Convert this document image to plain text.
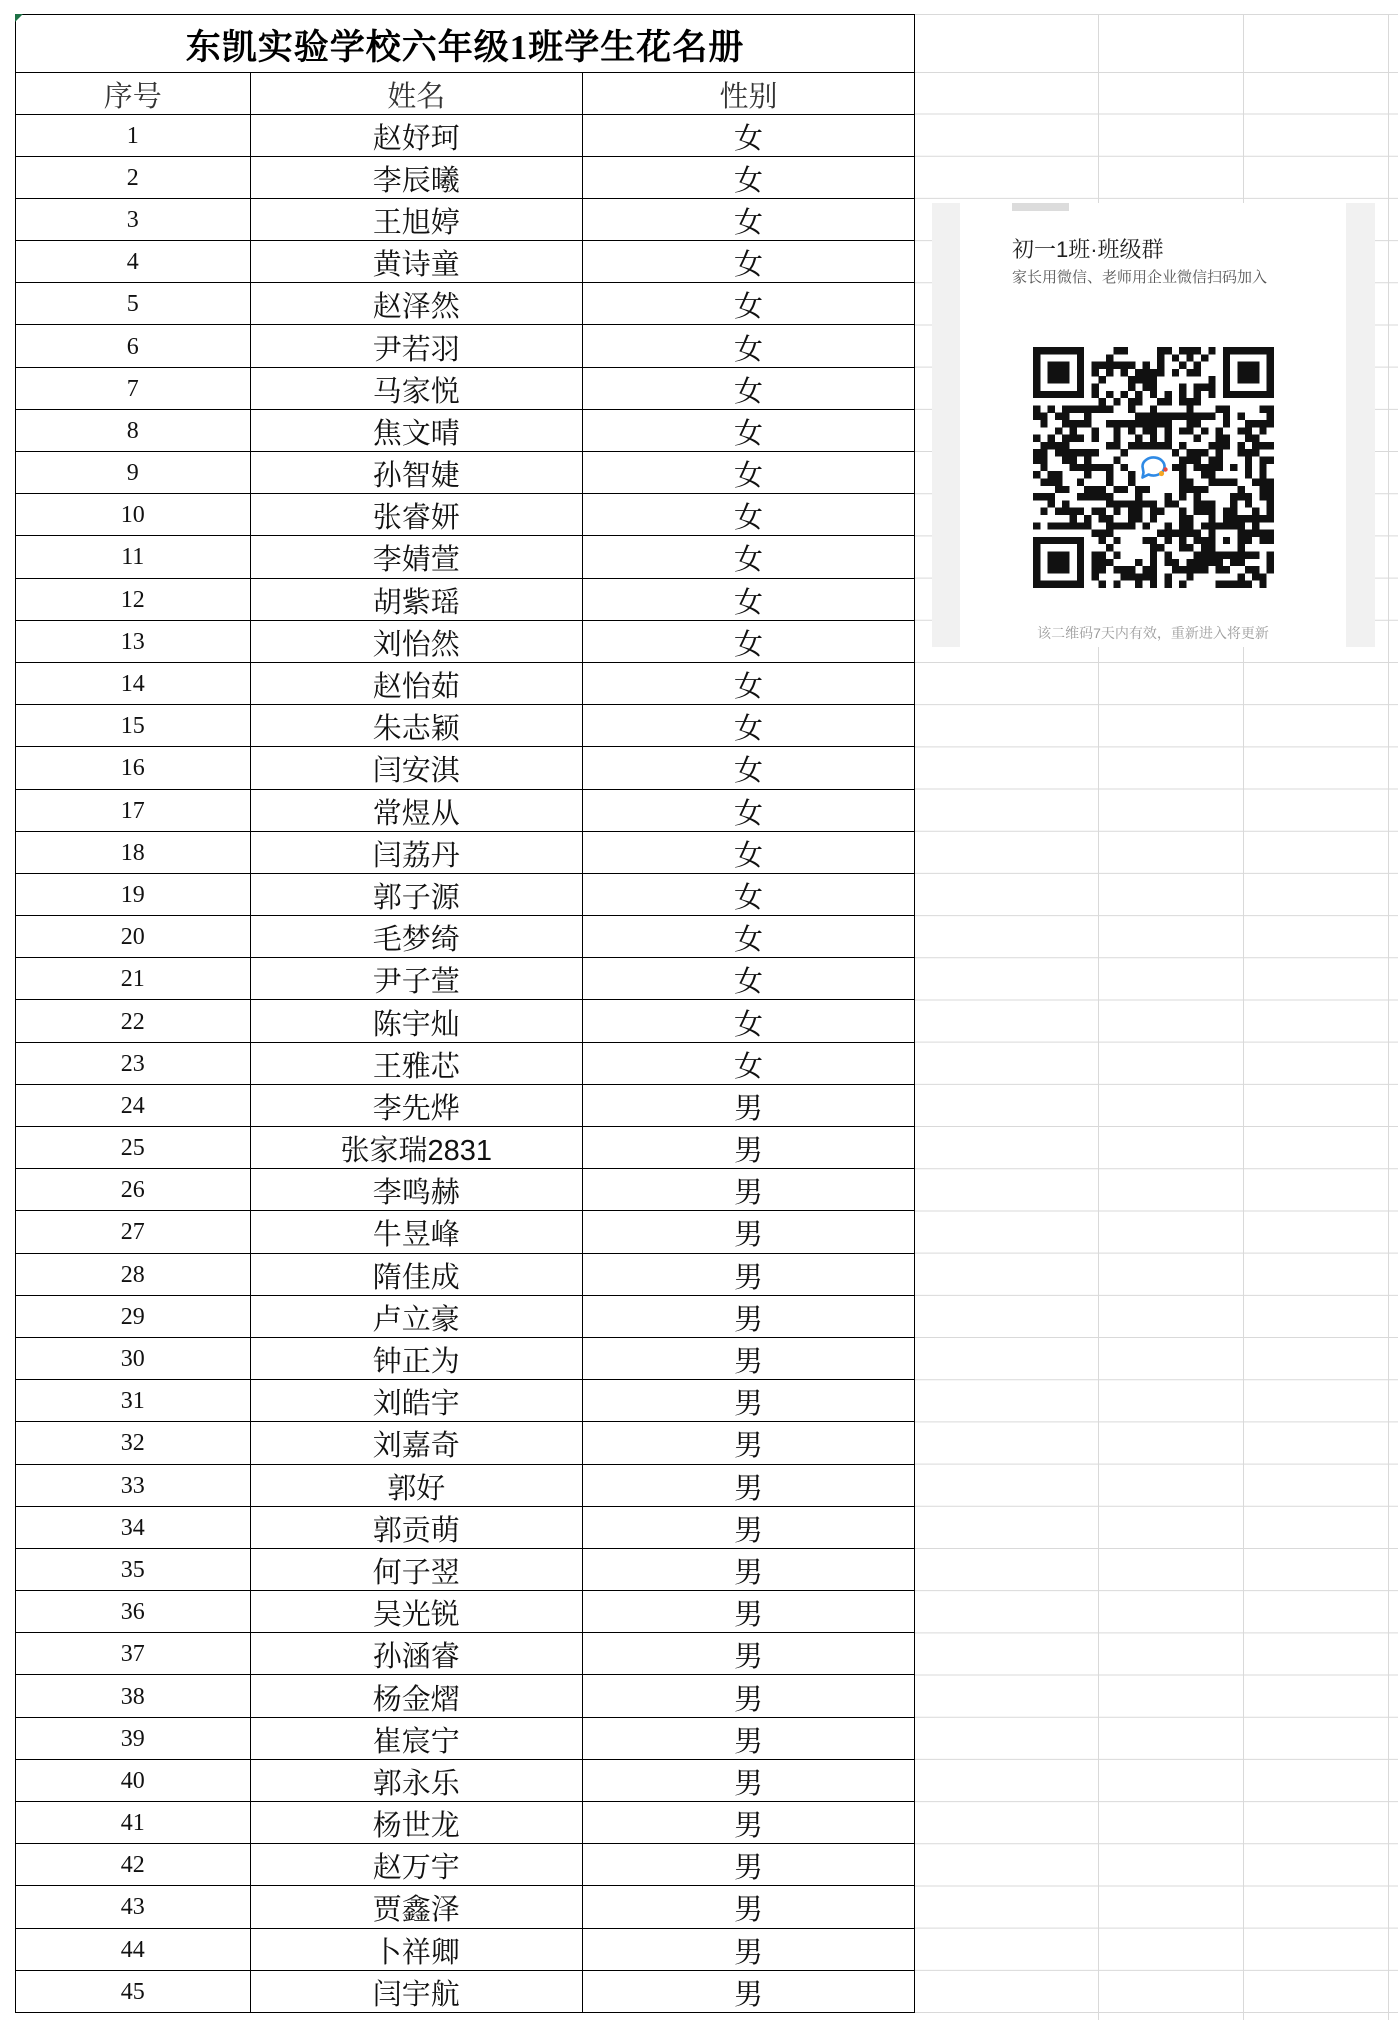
东凯实验学校六年级1班学生花名册
序号	姓名	性别
1	赵妤珂	女
2	李辰曦	女
3	王旭婷	女
4	黄诗童	女
5	赵泽然	女
6	尹若羽	女
7	马家悦	女
8	焦文晴	女
9	孙智婕	女
10	张睿妍	女
11	李婧萱	女
12	胡紫瑶	女
13	刘怡然	女
14	赵怡茹	女
15	朱志颖	女
16	闫安淇	女
17	常煜从	女
18	闫荔丹	女
19	郭子源	女
20	毛梦绮	女
21	尹子萱	女
22	陈宇灿	女
23	王雅芯	女
24	李先烨	男
25	张家瑞2831	男
26	李鸣赫	男
27	牛昱峰	男
28	隋佳成	男
29	卢立豪	男
30	钟正为	男
31	刘皓宇	男
32	刘嘉奇	男
33	郭好	男
34	郭贡萌	男
35	何子翌	男
36	吴光锐	男
37	孙涵睿	男
38	杨金熠	男
39	崔宸宁	男
40	郭永乐	男
41	杨世龙	男
42	赵万宇	男
43	贾鑫泽	男
44	卜祥卿	男
45	闫宇航	男
初一1班·班级群
家长用微信、老师用企业微信扫码加入
该二维码7天内有效，重新进入将更新
